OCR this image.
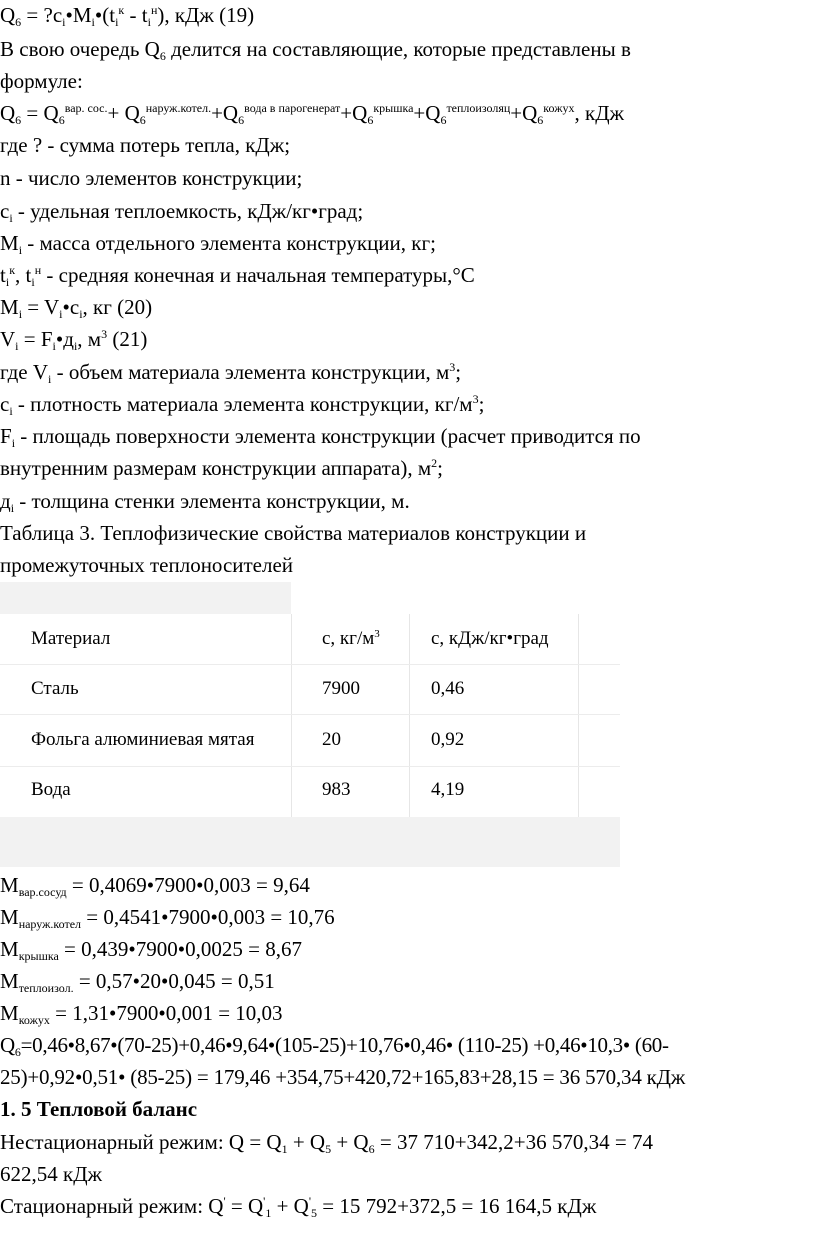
$Q_6$ = $?c_i•M_i•(t_i^к - t_i^н)$, кДж (19)
В свою очередь $Q_6$ делится на составляющие, которые представлены в
формуле:
$Q_6 = Q_6^{вар. сос.}+ Q_6^{наруж.котел.}+Q_6^{вода в парогенерат}+Q_6^{крышка}+Q_6^{теплоизоляц}+Q_6^{кожух}$, кДж
где ? - сумма потерь тепла, кДж;
n - число элементов конструкции;
$c_i$ - удельная теплоемкость, кДж/кг•град;
$M_i$ - масса отдельного элемента конструкции, кг;
$t_i^к$, $t_i^н$ - средняя конечная и начальная температуры,°С
$M_i$ = $V_i•c_i$, кг (20)
$V_i$ = $F_i•д_i$, $м^3$ (21)
где $V_i$ - объем материала элемента конструкции, $м^3$;
$c_i$ - плотность материала элемента конструкции, $кг/м^3$;
$F_i$ - площадь поверхности элемента конструкции (расчет приводится по
внутренним размерам конструкции аппарата), $м^2$;
$д_i$ - толщина стенки элемента конструкции, м.
Таблица 3. Теплофизические свойства материалов конструкции и
промежуточных теплоносителей
Материал	с, $кг/м^3$	с, кДж/кг•град
Сталь	7900	0,46
Фольга алюминиевая мятая	20	0,92
Вода	983	4,19
$M_{вар.сосуд}$ = 0,4069•7900•0,003 = 9,64
$M_{наруж.котел}$ = 0,4541•7900•0,003 = 10,76
$M_{крышка}$ = 0,439•7900•0,0025 = 8,67
$M_{теплоизол.}$ = 0,57•20•0,045 = 0,51
$M_{кожух}$ = 1,31•7900•0,001 = 10,03
$Q_6=0,46•8,67•(70-25)+0,46•9,64•(105-25)+10,76•0,46•$ (110-25) +0,46•10,3• (60-
25)+0,92•0,51• (85-25) = 179,46 +354,75+420,72+165,83+28,15 = 36 570,34 кДж
1. 5 Тепловой баланс
Нестационарный режим: $Q = Q_1 + Q_5 + Q_6 = 37$ 710+342,2+36 570,34 = 74
622,54 кДж
Стационарный режим: $Q' = Q'_1 + Q'_5 = 15$ 792+372,5 = 16 164,5 кДж
